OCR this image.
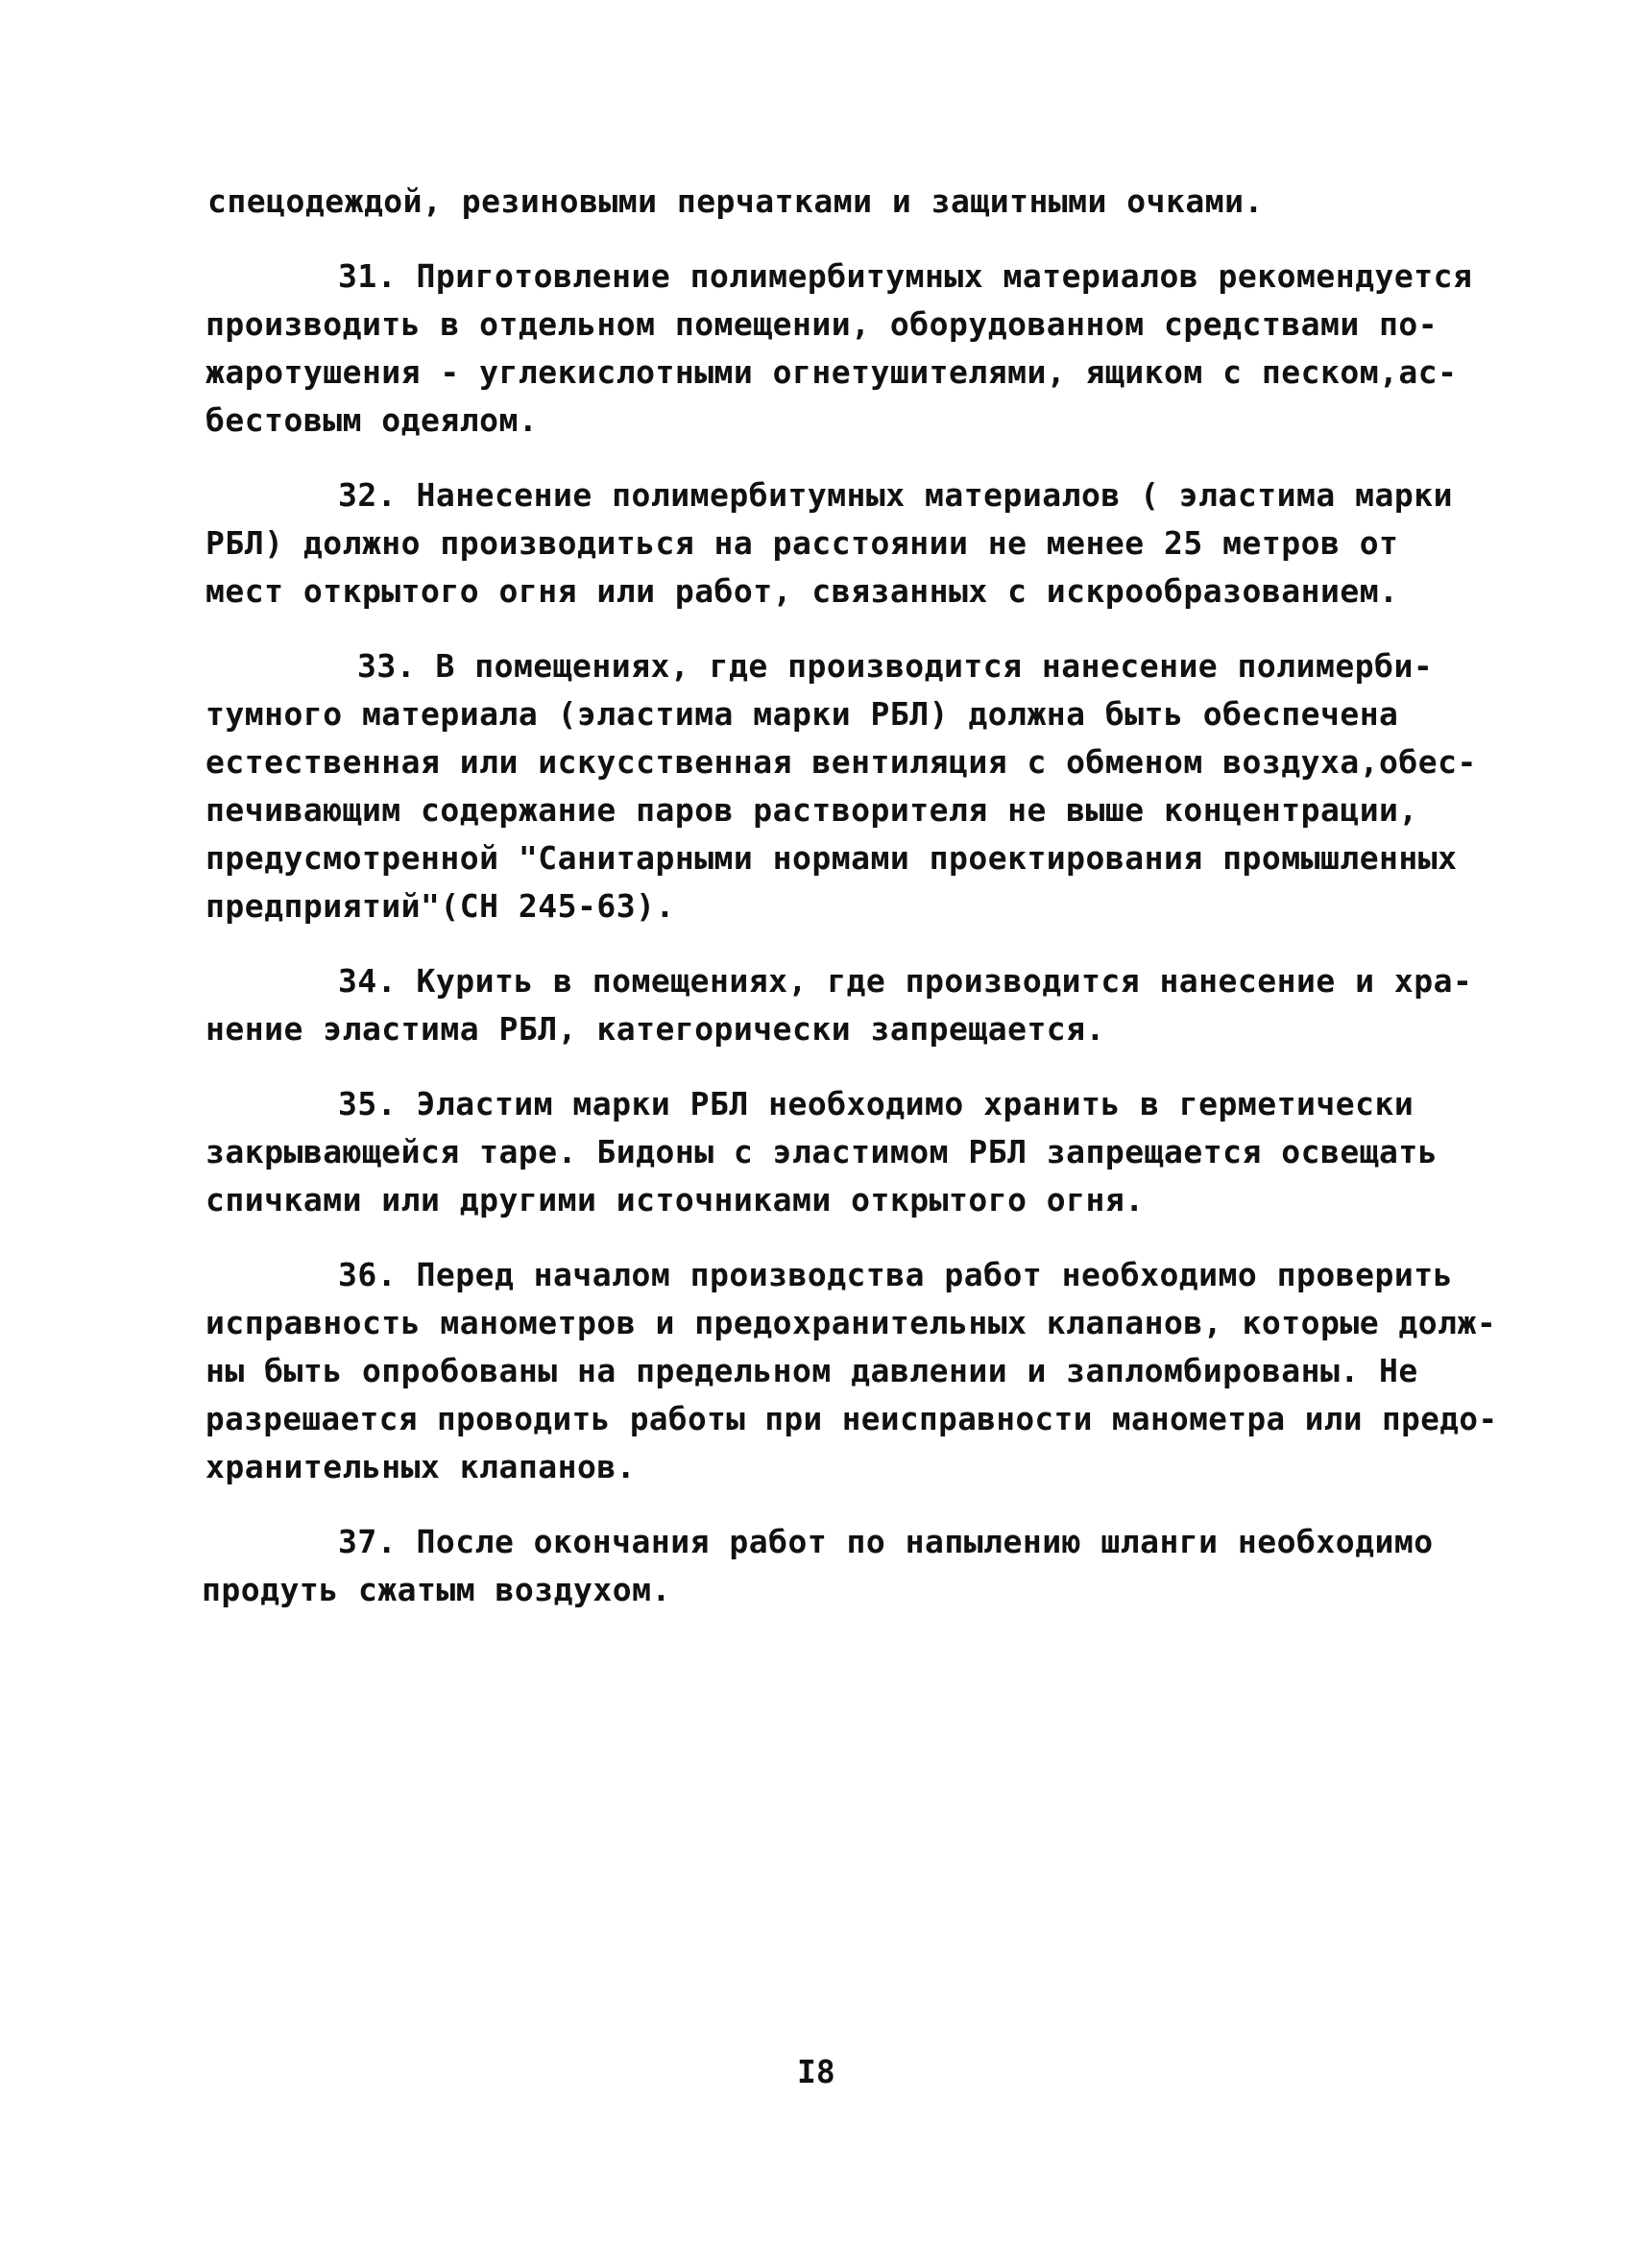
спецодеждой, резиновыми перчатками и защитными очками.
31. Приготовление полимербитумных материалов рекомендуется
производить в отдельном помещении, оборудованном средствами по-
жаротушения - углекислотными огнетушителями, ящиком с песком,ас-
бестовым одеялом.
32. Нанесение полимербитумных материалов ( эластима марки
РБЛ) должно производиться на расстоянии не менее 25 метров от
мест открытого огня или работ, связанных с искрообразованием.
33. В помещениях, где производится нанесение полимерби-
тумного материала (эластима марки РБЛ) должна быть обеспечена
естественная или искусственная вентиляция с обменом воздуха,обес-
печивающим содержание паров растворителя не выше концентрации,
предусмотренной "Санитарными нормами проектирования промышленных
предприятий"(СН 245-63).
34. Курить в помещениях, где производится нанесение и хра-
нение эластима РБЛ, категорически запрещается.
35. Эластим марки РБЛ необходимо хранить в герметически
закрывающейся таре. Бидоны с эластимом РБЛ запрещается освещать
спичками или другими источниками открытого огня.
36. Перед началом производства работ необходимо проверить
исправность манометров и предохранительных клапанов, которые долж-
ны быть опробованы на предельном давлении и запломбированы. Не
разрешается проводить работы при неисправности манометра или предо-
хранительных клапанов.
37. После окончания работ по напылению шланги необходимо
продуть сжатым воздухом.
I8
